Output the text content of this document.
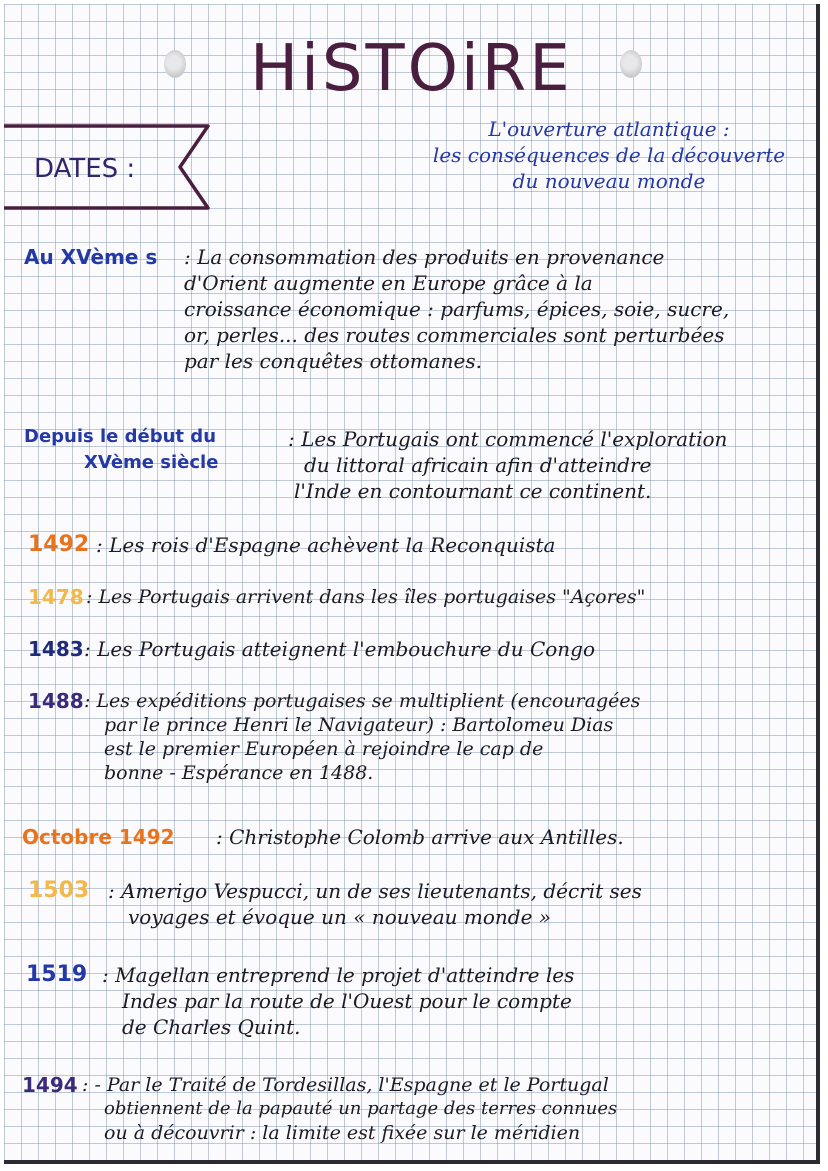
HiSTOiRE
DATES :
L'ouverture atlantique :
les conséquences de la découverte
du nouveau monde
Au XVème s : La consommation des produits en provenance
d'Orient augmente en Europe grâce à la
croissance économique : parfums, épices, soie, sucre,
or, perles... des routes commerciales sont perturbées
par les conquêtes ottomanes.
Depuis le début du
XVème siècle
: Les Portugais ont commencé l'exploration
du littoral africain afin d'atteindre
l'Inde en contournant ce continent.
1492 : Les rois d'Espagne achèvent la Reconquista
1478 : Les Portugais arrivent dans les îles portugaises "Açores"
1483 : Les Portugais atteignent l'embouchure du Congo
1488 : Les expéditions portugaises se multiplient (encouragées
par le prince Henri le Navigateur) : Bartolomeu Dias
est le premier Européen à rejoindre le cap de
bonne - Espérance en 1488.
Octobre 1492 : Christophe Colomb arrive aux Antilles.
1503 : Amerigo Vespucci, un de ses lieutenants, décrit ses
voyages et évoque un « nouveau monde »
1519 : Magellan entreprend le projet d'atteindre les
Indes par la route de l'Ouest pour le compte
de Charles Quint.
1494 : - Par le Traité de Tordesillas, l'Espagne et le Portugal
obtiennent de la papauté un partage des terres connues
ou à découvrir : la limite est fixée sur le méridien
